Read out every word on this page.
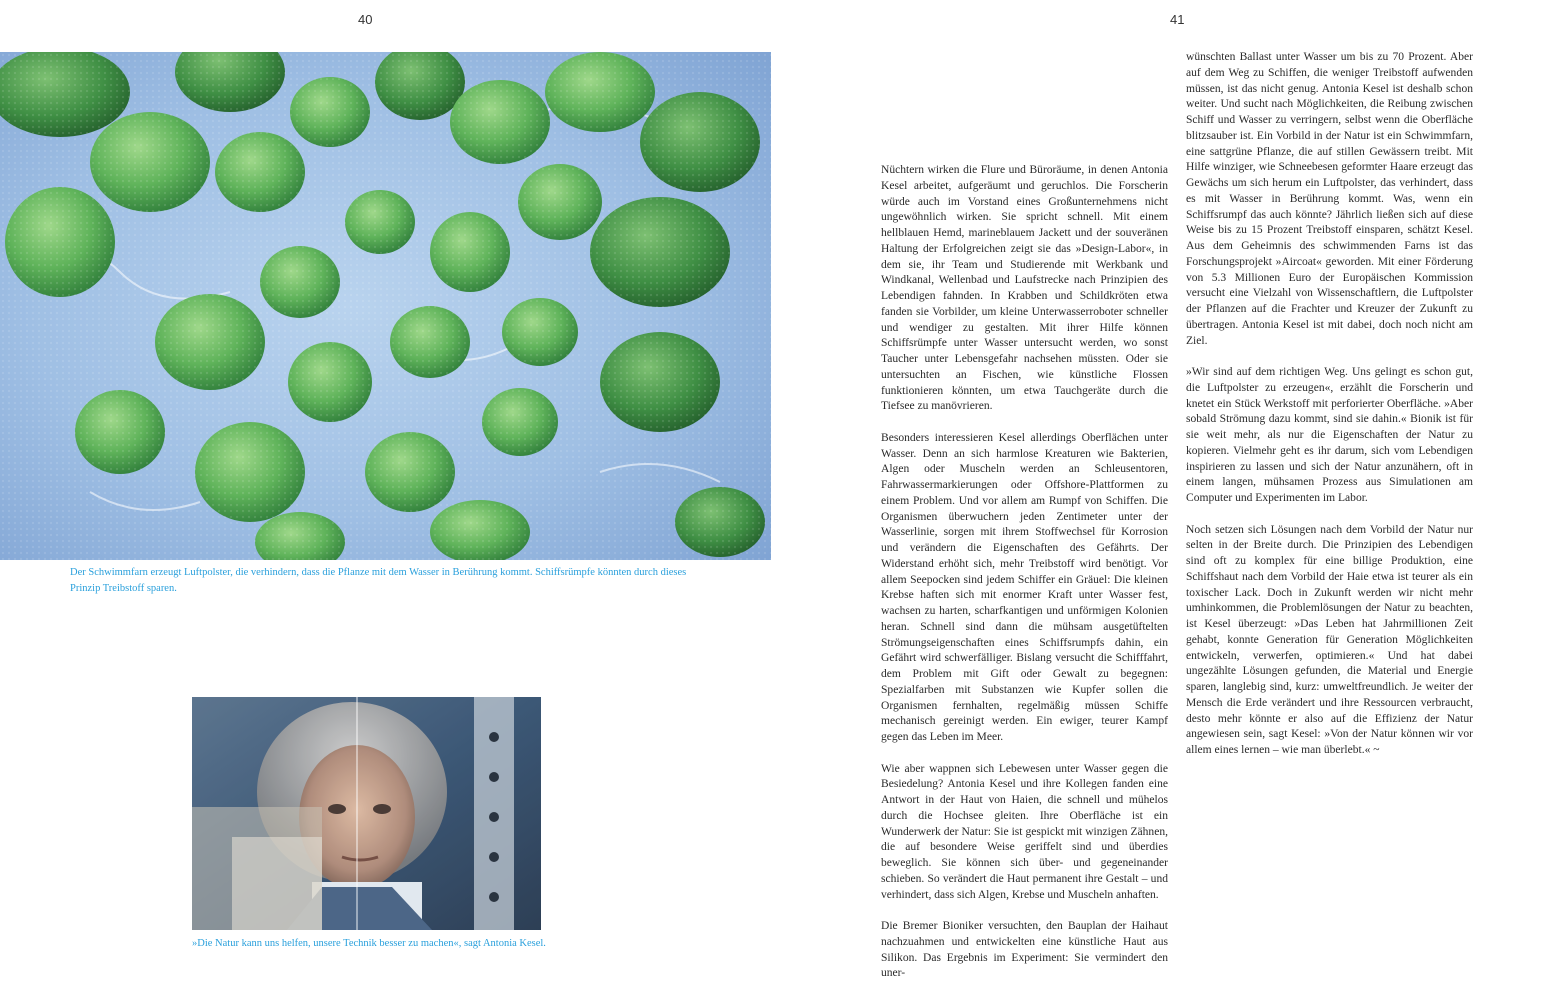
40	41

Der Schwimmfarn erzeugt Luftpolster, die verhindern, dass die Pflanze mit dem Wasser in Berührung kommt. Schiffsrümpfe könnten durch dieses Prinzip Treibstoff sparen.

»Die Natur kann uns helfen, unsere Technik besser zu machen«, sagt Antonia Kesel.

Nüchtern wirken die Flure und Büroräume, in denen Antonia Kesel arbeitet, aufgeräumt und geruchlos. Die Forscherin würde auch im Vorstand eines Großunternehmens nicht ungewöhnlich wirken. Sie spricht schnell. Mit einem hellblauen Hemd, marineblauem Jackett und der souveränen Haltung der Erfolgreichen zeigt sie das »Design-Labor«, in dem sie, ihr Team und Studierende mit Werkbank und Windkanal, Wellenbad und Laufstrecke nach Prinzipien des Lebendigen fahnden. In Krabben und Schildkröten etwa fanden sie Vorbilder, um kleine Unterwasserroboter schneller und wendiger zu gestalten. Mit ihrer Hilfe können Schiffsrümpfe unter Wasser untersucht werden, wo sonst Taucher unter Lebensgefahr nachsehen müssten. Oder sie untersuchten an Fischen, wie künstliche Flossen funktionieren könnten, um etwa Tauchgeräte durch die Tiefsee zu manövrieren.

Besonders interessieren Kesel allerdings Oberflächen unter Wasser. Denn an sich harmlose Kreaturen wie Bakterien, Algen oder Muscheln werden an Schleusentoren, Fahrwassermarkierungen oder Offshore-Plattformen zu einem Problem. Und vor allem am Rumpf von Schiffen. Die Organismen überwuchern jeden Zentimeter unter der Wasserlinie, sorgen mit ihrem Stoffwechsel für Korrosion und verändern die Eigenschaften des Gefährts. Der Widerstand erhöht sich, mehr Treibstoff wird benötigt. Vor allem Seepocken sind jedem Schiffer ein Gräuel: Die kleinen Krebse haften sich mit enormer Kraft unter Wasser fest, wachsen zu harten, scharfkantigen und unförmigen Kolonien heran. Schnell sind dann die mühsam ausgetüftelten Strömungseigenschaften eines Schiffsrumpfs dahin, ein Gefährt wird schwerfälliger. Bislang versucht die Schifffahrt, dem Problem mit Gift oder Gewalt zu begegnen: Spezialfarben mit Substanzen wie Kupfer sollen die Organismen fernhalten, regelmäßig müssen Schiffe mechanisch gereinigt werden. Ein ewiger, teurer Kampf gegen das Leben im Meer.

Wie aber wappnen sich Lebewesen unter Wasser gegen die Besiedelung? Antonia Kesel und ihre Kollegen fanden eine Antwort in der Haut von Haien, die schnell und mühelos durch die Hochsee gleiten. Ihre Oberfläche ist ein Wunderwerk der Natur: Sie ist gespickt mit winzigen Zähnen, die auf besondere Weise geriffelt sind und überdies beweglich. Sie können sich über- und gegeneinander schieben. So verändert die Haut permanent ihre Gestalt – und verhindert, dass sich Algen, Krebse und Muscheln anhaften.

Die Bremer Bioniker versuchten, den Bauplan der Haihaut nachzuahmen und entwickelten eine künstliche Haut aus Silikon. Das Ergebnis im Experiment: Sie vermindert den uner-

wünschten Ballast unter Wasser um bis zu 70 Prozent. Aber auf dem Weg zu Schiffen, die weniger Treibstoff aufwenden müssen, ist das nicht genug. Antonia Kesel ist deshalb schon weiter. Und sucht nach Möglichkeiten, die Reibung zwischen Schiff und Wasser zu verringern, selbst wenn die Oberfläche blitzsauber ist. Ein Vorbild in der Natur ist ein Schwimmfarn, eine sattgrüne Pflanze, die auf stillen Gewässern treibt. Mit Hilfe winziger, wie Schneebesen geformter Haare erzeugt das Gewächs um sich herum ein Luftpolster, das verhindert, dass es mit Wasser in Berührung kommt. Was, wenn ein Schiffsrumpf das auch könnte? Jährlich ließen sich auf diese Weise bis zu 15 Prozent Treibstoff einsparen, schätzt Kesel. Aus dem Geheimnis des schwimmenden Farns ist das Forschungsprojekt »Aircoat« geworden. Mit einer Förderung von 5.3 Millionen Euro der Europäischen Kommission versucht eine Vielzahl von Wissenschaftlern, die Luftpolster der Pflanzen auf die Frachter und Kreuzer der Zukunft zu übertragen. Antonia Kesel ist mit dabei, doch noch nicht am Ziel.

»Wir sind auf dem richtigen Weg. Uns gelingt es schon gut, die Luftpolster zu erzeugen«, erzählt die Forscherin und knetet ein Stück Werkstoff mit perforierter Oberfläche. »Aber sobald Strömung dazu kommt, sind sie dahin.« Bionik ist für sie weit mehr, als nur die Eigenschaften der Natur zu kopieren. Vielmehr geht es ihr darum, sich vom Lebendigen inspirieren zu lassen und sich der Natur anzunähern, oft in einem langen, mühsamen Prozess aus Simulationen am Computer und Experimenten im Labor.

Noch setzen sich Lösungen nach dem Vorbild der Natur nur selten in der Breite durch. Die Prinzipien des Lebendigen sind oft zu komplex für eine billige Produktion, eine Schiffshaut nach dem Vorbild der Haie etwa ist teurer als ein toxischer Lack. Doch in Zukunft werden wir nicht mehr umhinkommen, die Problemlösungen der Natur zu beachten, ist Kesel überzeugt: »Das Leben hat Jahrmillionen Zeit gehabt, konnte Generation für Generation Möglichkeiten entwickeln, verwerfen, optimieren.« Und hat dabei ungezählte Lösungen gefunden, die Material und Energie sparen, langlebig sind, kurz: umweltfreundlich. Je weiter der Mensch die Erde verändert und ihre Ressourcen verbraucht, desto mehr könnte er also auf die Effizienz der Natur angewiesen sein, sagt Kesel: »Von der Natur können wir vor allem eines lernen – wie man überlebt.« ~
